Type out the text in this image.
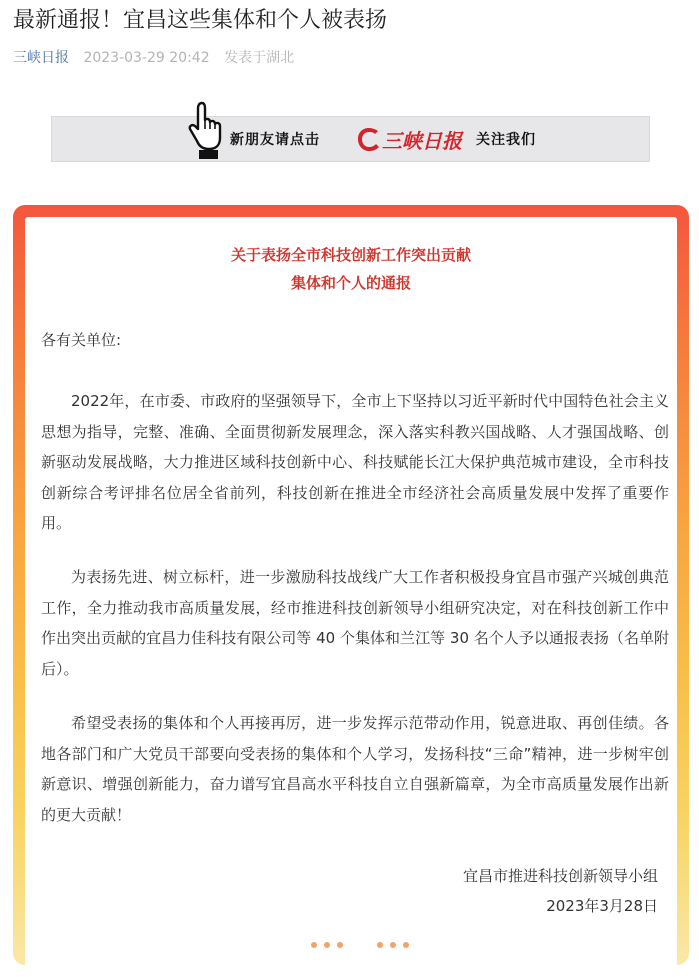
最新通报！宜昌这些集体和个人被表扬
三峡日报 2023-03-29 20:42 发表于湖北
新朋友请点击	三峡日报 关注我们
关于表扬全市科技创新工作突出贡献
集体和个人的通报
各有关单位:
2022年，在市委、市政府的坚强领导下，全市上下坚持以习近平新时代中国特色社会主义思想为指导，完整、准确、全面贯彻新发展理念，深入落实科教兴国战略、人才强国战略、创新驱动发展战略，大力推进区域科技创新中心、科技赋能长江大保护典范城市建设，全市科技创新综合考评排名位居全省前列，科技创新在推进全市经济社会高质量发展中发挥了重要作用。
为表扬先进、树立标杆，进一步激励科技战线广大工作者积极投身宜昌市强产兴城创典范工作，全力推动我市高质量发展，经市推进科技创新领导小组研究决定，对在科技创新工作中作出突出贡献的宜昌力佳科技有限公司等 40 个集体和兰江等 30 名个人予以通报表扬（名单附后）。
希望受表扬的集体和个人再接再厉，进一步发挥示范带动作用，锐意进取、再创佳绩。各地各部门和广大党员干部要向受表扬的集体和个人学习，发扬科技“三命”精神，进一步树牢创新意识、增强创新能力，奋力谱写宜昌高水平科技自立自强新篇章，为全市高质量发展作出新的更大贡献！
宜昌市推进科技创新领导小组
2023年3月28日
